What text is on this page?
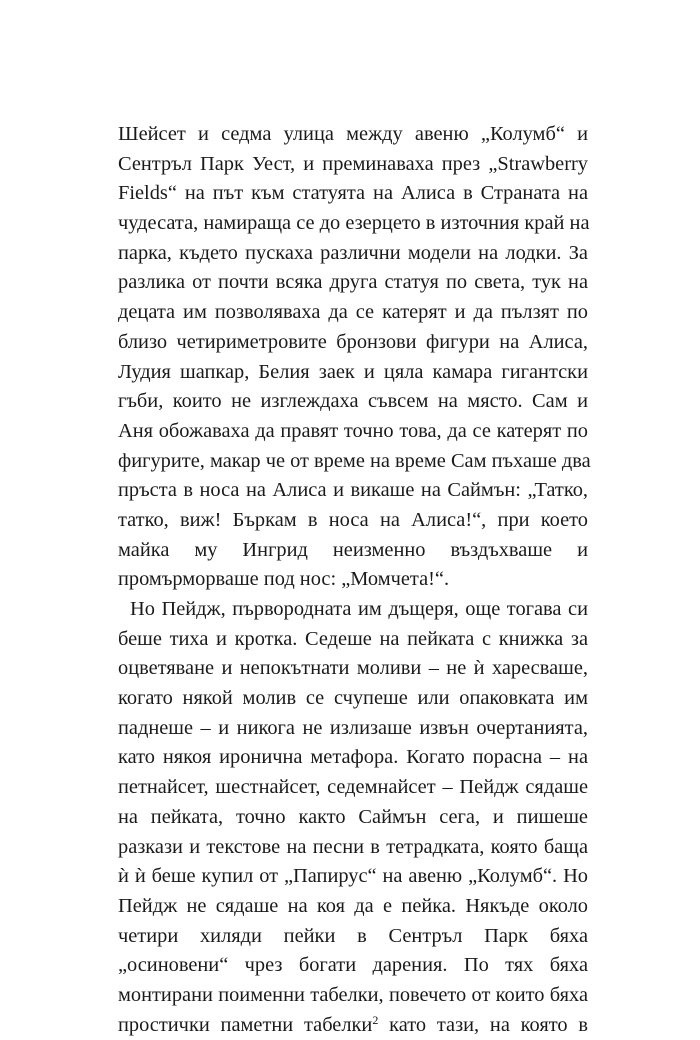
Шейсет и седма улица между авеню „Колумб“ и
Сентръл Парк Уест, и преминаваха през „Strawberry
Fields“ на път към статуята на Алиса в Страната на
чудесата, намираща се до езерцето в източния край на
парка, където пускаха различни модели на лодки. За
разлика от почти всяка друга статуя по света, тук на
децата им позволяваха да се катерят и да пълзят по
близо четириметровите бронзови фигури на Алиса,
Лудия шапкар, Белия заек и цяла камара гигантски
гъби, които не изглеждаха съвсем на място. Сам и
Аня обожаваха да правят точно това, да се катерят по
фигурите, макар че от време на време Сам пъхаше два
пръста в носа на Алиса и викаше на Саймън: „Татко,
татко, виж! Бъркам в носа на Алиса!“, при което
майка му Ингрид неизменно въздъхваше и
промърморваше под нос: „Момчета!“.
Но Пейдж, първородната им дъщеря, още тогава си
беше тиха и кротка. Седеше на пейката с книжка за
оцветяване и непокътнати моливи – не ѝ харесваше,
когато някой молив се счупеше или опаковката им
паднеше – и никога не излизаше извън очертанията,
като някоя иронична метафора. Когато порасна – на
петнайсет, шестнайсет, седемнайсет – Пейдж сядаше
на пейката, точно както Саймън сега, и пишеше
разкази и текстове на песни в тетрадката, която баща
ѝ ѝ беше купил от „Папирус“ на авеню „Колумб“. Но
Пейдж не сядаше на коя да е пейка. Някъде около
четири хиляди пейки в Сентръл Парк бяха
„осиновени“ чрез богати дарения. По тях бяха
монтирани поименни табелки, повечето от които бяха
простички паметни табелки$^2$ като тази, на която в
